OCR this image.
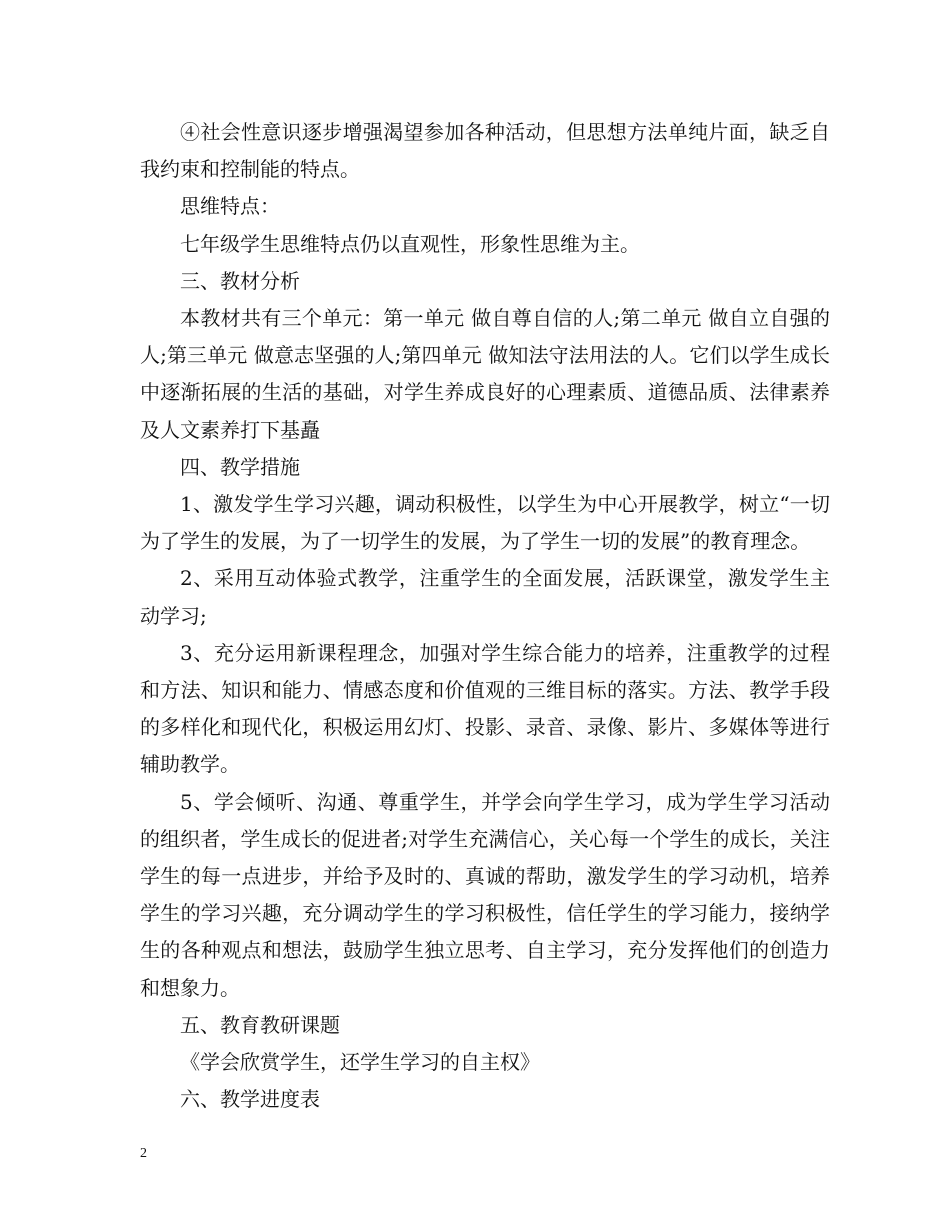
④社会性意识逐步增强渴望参加各种活动，但思想方法单纯片面，缺乏自我约束和控制能的特点。

思维特点：

七年级学生思维特点仍以直观性，形象性思维为主。

三、教材分析

本教材共有三个单元：第一单元 做自尊自信的人;第二单元 做自立自强的人;第三单元 做意志坚强的人;第四单元 做知法守法用法的人。它们以学生成长中逐渐拓展的生活的基础，对学生养成良好的心理素质、道德品质、法律素养及人文素养打下基矗

四、教学措施

1、激发学生学习兴趣，调动积极性，以学生为中心开展教学，树立“一切为了学生的发展，为了一切学生的发展，为了学生一切的发展”的教育理念。

2、采用互动体验式教学，注重学生的全面发展，活跃课堂，激发学生主动学习;

3、充分运用新课程理念，加强对学生综合能力的培养，注重教学的过程和方法、知识和能力、情感态度和价值观的三维目标的落实。方法、教学手段的多样化和现代化，积极运用幻灯、投影、录音、录像、影片、多媒体等进行辅助教学。

5、学会倾听、沟通、尊重学生，并学会向学生学习，成为学生学习活动的组织者，学生成长的促进者;对学生充满信心，关心每一个学生的成长，关注学生的每一点进步，并给予及时的、真诚的帮助，激发学生的学习动机，培养学生的学习兴趣，充分调动学生的学习积极性，信任学生的学习能力，接纳学生的各种观点和想法，鼓励学生独立思考、自主学习，充分发挥他们的创造力和想象力。

五、教育教研课题

《学会欣赏学生，还学生学习的自主权》

六、教学进度表

2
